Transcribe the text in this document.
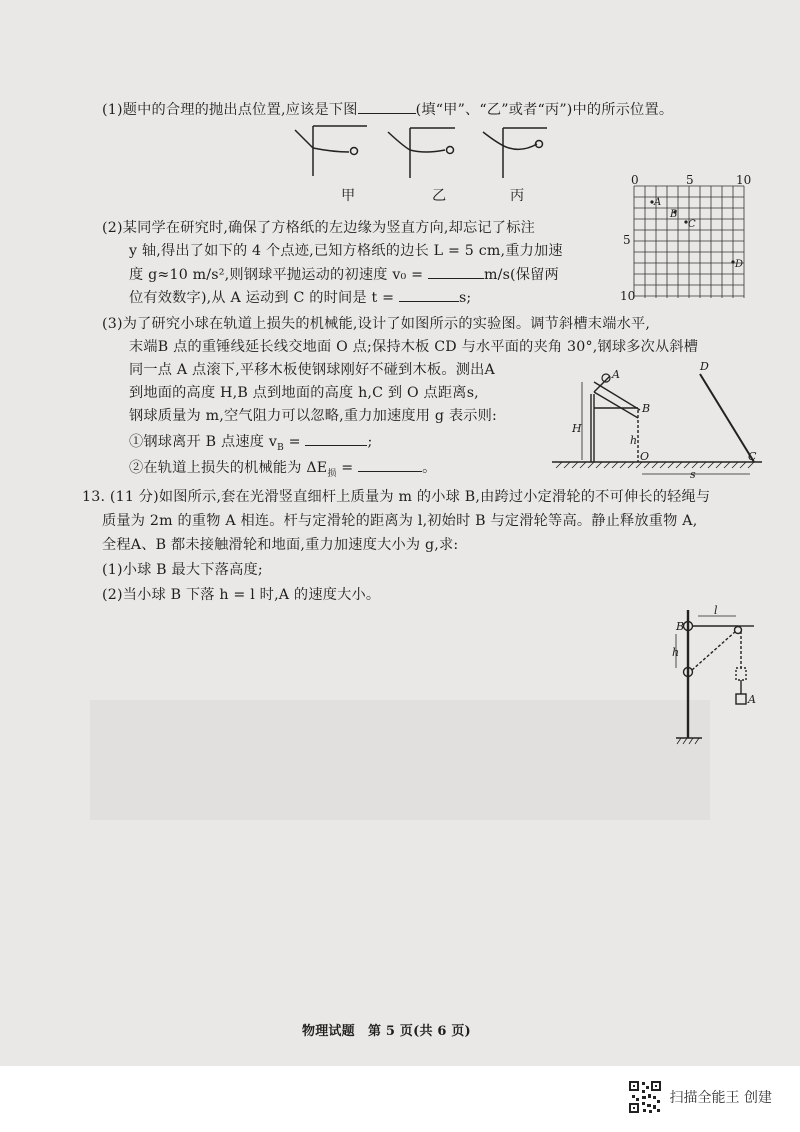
(1)题中的合理的抛出点位置,应该是下图	(填“甲”、“乙”或者“丙”)中的所示位置。
甲	乙	丙
0	5	10
5
10
A
B
C
D
(2)某同学在研究时,确保了方格纸的左边缘为竖直方向,却忘记了标注
y 轴,得出了如下的 4 个点迹,已知方格纸的边长 L = 5 cm,重力加速
度 g≈10 m/s²,则钢球平抛运动的初速度 v₀ =	m/s(保留两
位有效数字),从 A 运动到 C 的时间是 t =	s;
(3)为了研究小球在轨道上损失的机械能,设计了如图所示的实验图。调节斜槽末端水平,
末端B 点的重锤线延长线交地面 O 点;保持木板 CD 与水平面的夹角 30°,钢球多次从斜槽
同一点 A 点滚下,平移木板使钢球刚好不碰到木板。测出A
到地面的高度 H,B 点到地面的高度 h,C 到 O 点距离s,
钢球质量为 m,空气阻力可以忽略,重力加速度用 g 表示则:
①钢球离开 B 点速度 $v_B$ =	;
②在轨道上损失的机械能为 $\Delta E_损$ =	。
A
B
D
C
O
H
h
s
13. (11 分)如图所示,套在光滑竖直细杆上质量为 m 的小球 B,由跨过小定滑轮的不可伸长的轻绳与
质量为 2m 的重物 A 相连。杆与定滑轮的距离为 l,初始时 B 与定滑轮等高。静止释放重物 A,
全程A、B 都未接触滑轮和地面,重力加速度大小为 g,求:
(1)小球 B 最大下落高度;
(2)当小球 B 下落 h = l 时,A 的速度大小。
B
l
h
A
物理试题　第 5 页(共 6 页)
扫描全能王 创建
